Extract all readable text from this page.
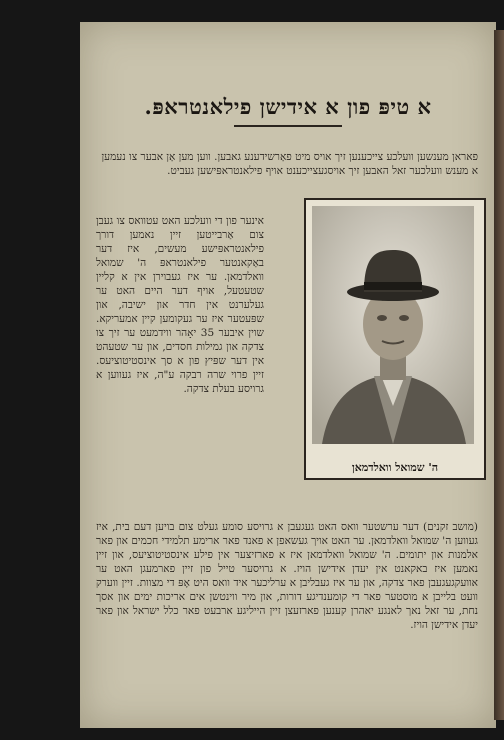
א טיפּ פון א אידישן פילאנטראפּ.
פאראן מענשען וועלכע צייכענען זיך אויס מיט פאַרשידענע גאבען. ווען מען אַן אבער צו נעמען א מענש וועלכער זאל האבען זיך אויסגעצייכענט אויף פילאנטראפּישען געביט.
אינער פון די וועלכע האט עטוואס צו געבן צום אַרבייטען זיין נאמען דורך פילאנטראפּישע מעשים, איז דער באַקאנטער פילאנטראפּ ה' שמואל וואלדמאן. ער איז געבוירן אין א קליין שטעטעל, אויף דער היים האט ער געלערנט אין חדר און ישיבה, און שפּעטער איז ער געקומען קיין אמעריקא. שוין איבער 35 יאָהר ווידמעט ער זיך צו צדקה און גמילות חסדים, און ער שטעהט אין דער שפּיץ פון א סך אינסטיטוציעס. זיין פרוי שרה רבקה ע"ה, איז געווען א גרויסע בעלת צדקה.
ה' שמואל וואלדמאן
(מושב זקנים) דער ערשטער וואס האט געגעבן א גרויסע סומע געלט צום בויען דעם בית, איז געווען ה' שמואל וואלדמאן. ער האט אויך געשאפן א פאנד פאר ארימע תלמידי חכמים און פאר אלמנות און יתומים. ה' שמואל וואלדמאן איז א פארזיצער אין פילע אינסטיטוציעס, און זיין נאמען איז באקאנט אין יעדן אידישן הויז. א גרויסער טייל פון זיין פארמעגן האט ער אוועקגעגעבן פאר צדקה, און ער איז געבליבן א ערליכער איד וואס היט אָפּ די מצוות. זיין ווערק וועט בלייבן א מוסטער פאר די קומענדיגע דורות, און מיר ווינטשן אים אריכות ימים און אסך נחת, ער זאל נאך לאנגע יאהרן קענען פארזעצן זיין הייליגע ארבעט פאר כלל ישראל און פאר יעדן אידישן הויז.
